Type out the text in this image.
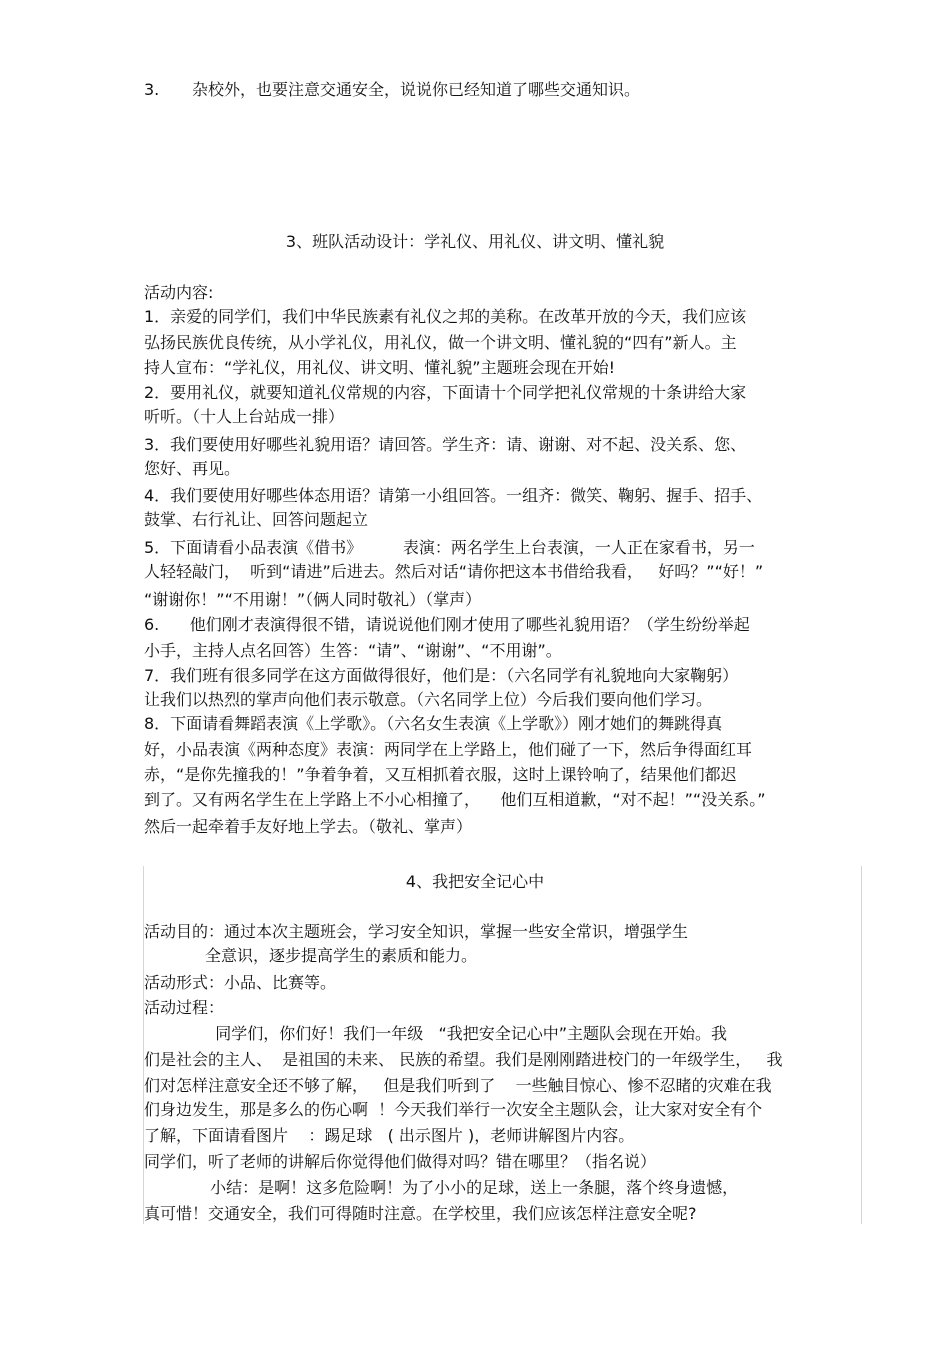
3. 杂校外，也要注意交通安全，说说你已经知道了哪些交通知识。
3、班队活动设计：学礼仪、用礼仪、讲文明、懂礼貌
活动内容:
1．亲爱的同学们，我们中华民族素有礼仪之邦的美称。在改革开放的今天，我们应该
弘扬民族优良传统，从小学礼仪，用礼仪，做一个讲文明、懂礼貌的“四有”新人。主
持人宣布：“学礼仪，用礼仪、讲文明、懂礼貌”主题班会现在开始!
2．要用礼仪，就要知道礼仪常规的内容，下面请十个同学把礼仪常规的十条讲给大家
听听。（十人上台站成一排）
3．我们要使用好哪些礼貌用语？请回答。学生齐：请、谢谢、对不起、没关系、您、
您好、再见。
4．我们要使用好哪些体态用语？请第一小组回答。一组齐：微笑、鞠躬、握手、招手、
鼓掌、右行礼让、回答问题起立
5．下面请看小品表演《借书》        表演：两名学生上台表演，一人正在家看书，另一
人轻轻敲门，  听到“请进”后进去。然后对话“请你把这本书借给我看，   好吗？”“好！”
“谢谢你！”“不用谢！”（俩人同时敬礼）（掌声）
6.      他们刚才表演得很不错，请说说他们刚才使用了哪些礼貌用语？（学生纷纷举起
小手，主持人点名回答）生答：“请”、“谢谢”、“不用谢”。
7．我们班有很多同学在这方面做得很好，他们是：（六名同学有礼貌地向大家鞠躬）
让我们以热烈的掌声向他们表示敬意。（六名同学上位）今后我们要向他们学习。
8．下面请看舞蹈表演《上学歌》。（六名女生表演《上学歌》）刚才她们的舞跳得真
好，小品表演《两种态度》表演：两同学在上学路上，他们碰了一下，然后争得面红耳
赤，“是你先撞我的！”争着争着，又互相抓着衣服，这时上课铃响了，结果他们都迟
到了。又有两名学生在上学路上不小心相撞了，    他们互相道歉，“对不起！”“没关系。”
然后一起牵着手友好地上学去。（敬礼、掌声）
4、我把安全记心中
活动目的：通过本次主题班会，学习安全知识，掌握一些安全常识，增强学生
全意识，逐步提高学生的素质和能力。
活动形式：小品、比赛等。
活动过程：
同学们，你们好！我们一年级   “我把安全记心中”主题队会现在开始。我
们是社会的主人、  是祖国的未来、 民族的希望。我们是刚刚踏进校门的一年级学生，   我
们对怎样注意安全还不够了解，   但是我们听到了    一些触目惊心、惨不忍睹的灾难在我
们身边发生，那是多么的伤心啊  ！今天我们举行一次安全主题队会，让大家对安全有个
了解，下面请看图片    ：踢足球   ( 出示图片 )，老师讲解图片内容。
同学们，听了老师的讲解后你觉得他们做得对吗？错在哪里？（指名说）
小结：是啊！这多危险啊！为了小小的足球，送上一条腿，落个终身遗憾，
真可惜！交通安全，我们可得随时注意。在学校里，我们应该怎样注意安全呢?
